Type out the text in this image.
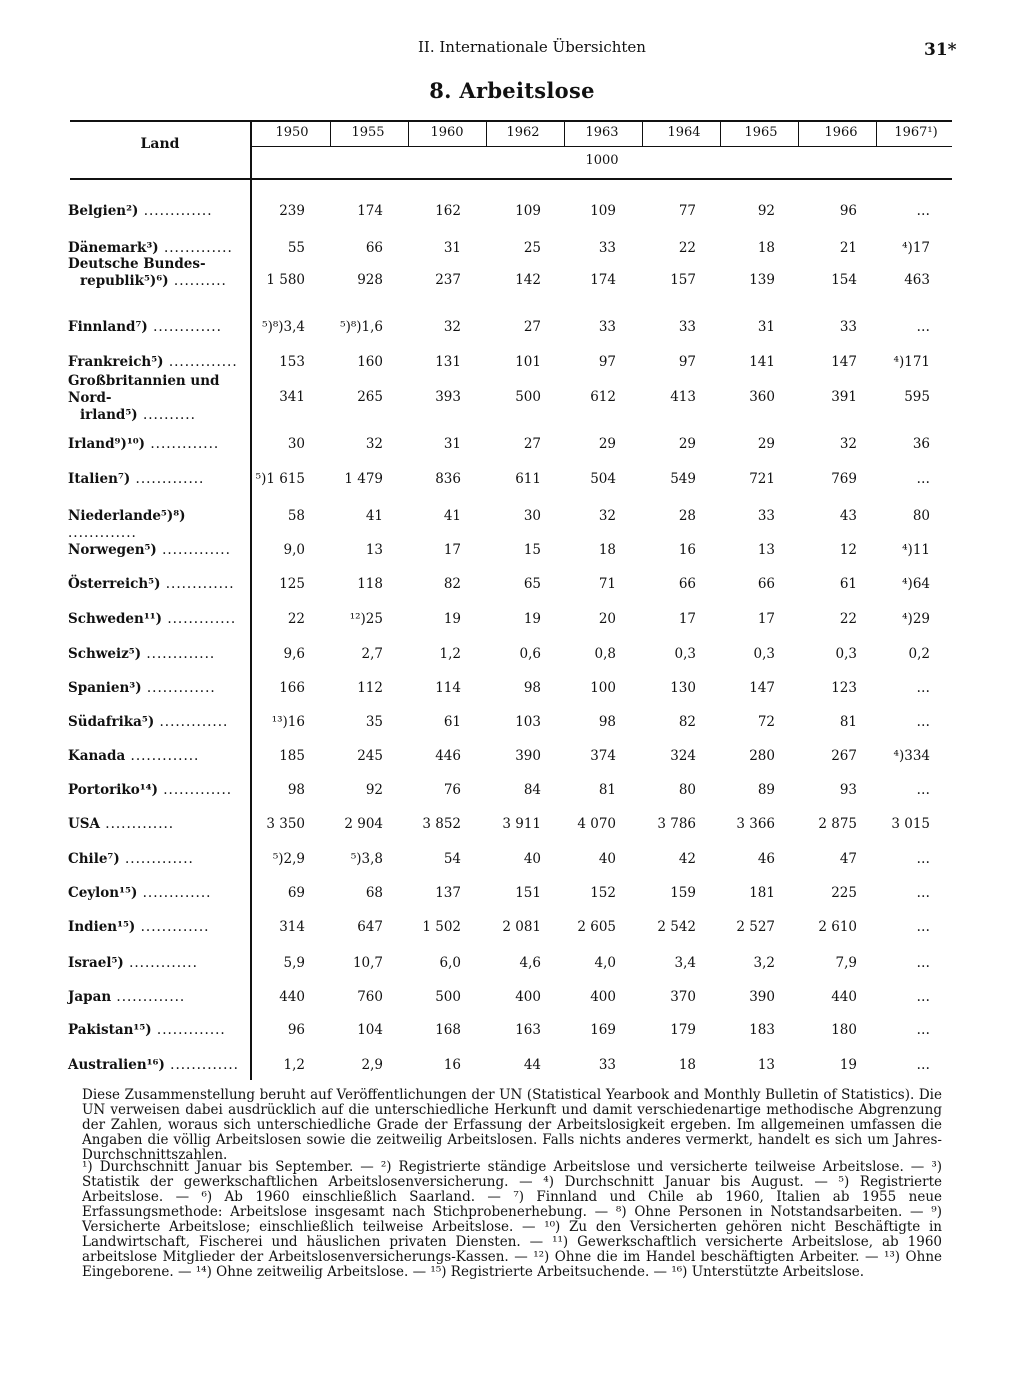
II. Internationale Übersichten	31*
8. Arbeitslose
Land
1000
1950	1955	1960	1962	1963	1964	1965	1966	1967¹)
Belgien²) .............	239	174	162	109	109	77	92	96	…
Dänemark³) .............	55	66	31	25	33	22	18	21	⁴)17
Deutsche Bundes-
republik⁵)⁶) ..........	1 580	928	237	142	174	157	139	154	463
Finnland⁷) .............	⁵)⁸)3,4	⁵)⁸)1,6	32	27	33	33	31	33	…
Frankreich⁵) .............	153	160	131	101	97	97	141	147	⁴)171
Großbritannien und Nord-
irland⁵) ..........
341	265	393	500	612	413	360	391	595
Irland⁹)¹⁰) .............	30	32	31	27	29	29	29	32	36
Italien⁷) .............	⁵)1 615	1 479	836	611	504	549	721	769	…
Niederlande⁵)⁸) .............
58	41	41	30	32	28	33	43	80
Norwegen⁵) .............	9,0	13	17	15	18	16	13	12	⁴)11
Österreich⁵) .............	125	118	82	65	71	66	66	61	⁴)64
Schweden¹¹) .............	22	¹²)25	19	19	20	17	17	22	⁴)29
Schweiz⁵) .............	9,6	2,7	1,2	0,6	0,8	0,3	0,3	0,3	0,2
Spanien³) .............	166	112	114	98	100	130	147	123	…
Südafrika⁵) .............	¹³)16	35	61	103	98	82	72	81	…
Kanada .............	185	245	446	390	374	324	280	267	⁴)334
Portoriko¹⁴) .............	98	92	76	84	81	80	89	93	…
USA .............	3 350	2 904	3 852	3 911	4 070	3 786	3 366	2 875	3 015
Chile⁷) .............	⁵)2,9	⁵)3,8	54	40	40	42	46	47	…
Ceylon¹⁵) .............	69	68	137	151	152	159	181	225	…
Indien¹⁵) .............	314	647	1 502	2 081	2 605	2 542	2 527	2 610	…
Israel⁵) .............	5,9	10,7	6,0	4,6	4,0	3,4	3,2	7,9	…
Japan .............	440	760	500	400	400	370	390	440	…
Pakistan¹⁵) .............	96	104	168	163	169	179	183	180	…
Australien¹⁶) .............	1,2	2,9	16	44	33	18	13	19	…
Diese Zusammenstellung beruht auf Veröffentlichungen der UN (Statistical Yearbook and Monthly Bulletin of Statistics). Die UN verweisen dabei ausdrücklich auf die unterschiedliche Herkunft und damit verschiedenartige methodische Abgrenzung der Zahlen, woraus sich unterschiedliche Grade der Erfassung der Arbeitslosigkeit ergeben. Im allgemeinen umfassen die Angaben die völlig Arbeitslosen sowie die zeitweilig Arbeitslosen. Falls nichts anderes vermerkt, handelt es sich um Jahres-Durchschnittszahlen.
¹) Durchschnitt Januar bis September. — ²) Registrierte ständige Arbeitslose und versicherte teilweise Arbeitslose. — ³) Statistik der gewerkschaftlichen Arbeitslosenversicherung. — ⁴) Durchschnitt Januar bis August. — ⁵) Registrierte Arbeitslose. — ⁶) Ab 1960 einschließlich Saarland. — ⁷) Finnland und Chile ab 1960, Italien ab 1955 neue Erfassungsmethode: Arbeitslose insgesamt nach Stichprobenerhebung. — ⁸) Ohne Personen in Notstandsarbeiten. — ⁹) Versicherte Arbeitslose; einschließlich teilweise Arbeitslose. — ¹⁰) Zu den Versicherten gehören nicht Beschäftigte in Landwirtschaft, Fischerei und häuslichen privaten Diensten. — ¹¹) Gewerkschaftlich versicherte Arbeitslose, ab 1960 arbeitslose Mitglieder der Arbeitslosenversicherungs-Kassen. — ¹²) Ohne die im Handel beschäftigten Arbeiter. — ¹³) Ohne Eingeborene. — ¹⁴) Ohne zeitweilig Arbeitslose. — ¹⁵) Registrierte Arbeitsuchende. — ¹⁶) Unterstützte Arbeitslose.
